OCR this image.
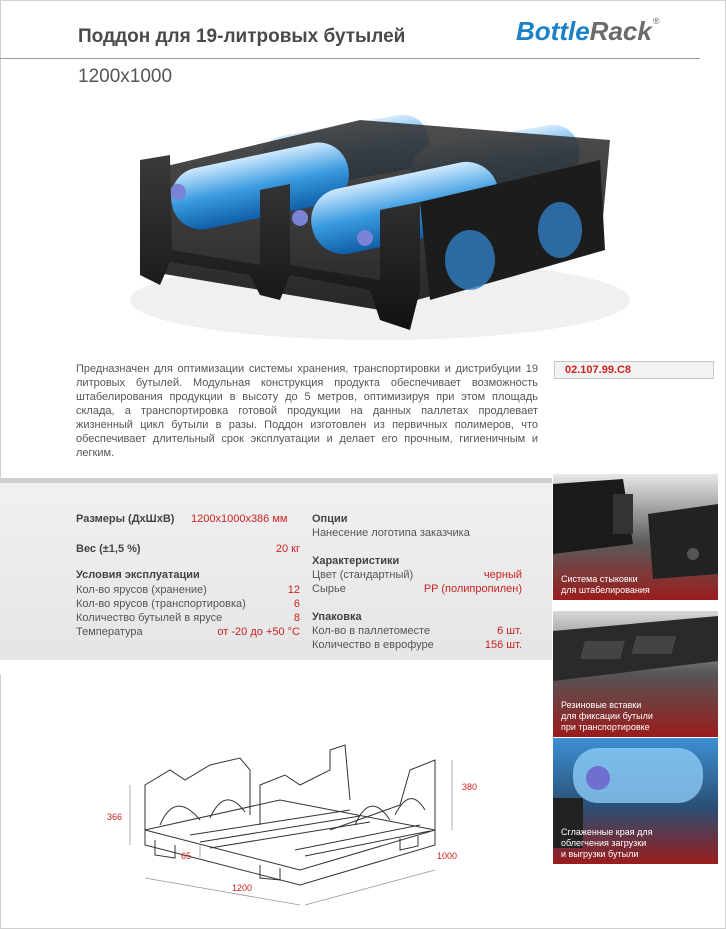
Поддон для 19-литровых бутылей
1200x1000
BottleRack®
Предназначен для оптимизации системы хранения, транспортировки и дистрибуции 19 литровых бутылей. Модульная конструкция продукта обеспечивает возможность штабелирования продукции в высоту до 5 метров, оптимизируя при этом площадь склада, а транспортировка готовой продукции на данных паллетах продлевает жизненный цикл бутыли в разы. Поддон изготовлен из первичных полимеров, что обеспечивает длительный срок эксплуатации и делает его прочным, гигиеничным и легким.
02.107.99.C8
Размеры (ДхШхВ) 1200x1000x386 мм
Вес (±1,5 %)	20 кг
Условия эксплуатации
Кол-во ярусов (хранение)	12
Кол-во ярусов (транспортировка)	6
Количество бутылей в ярусе	8
Температура	от -20 до +50 °C
Опции
Нанесение логотипа заказчика
Характеристики
Цвет (стандартный)	черный
Сырье	PP (полипропилен)
Упаковка
Кол-во в паллетоместе	6 шт.
Количество в еврофуре	156 шт.
Система стыковки
для штабелирования
Резиновые вставки
для фиксации бутыли
при транспортировке
Сглаженные края для
облегчения загрузки
и выгрузки бутыли
366
380
65
1200
1000
